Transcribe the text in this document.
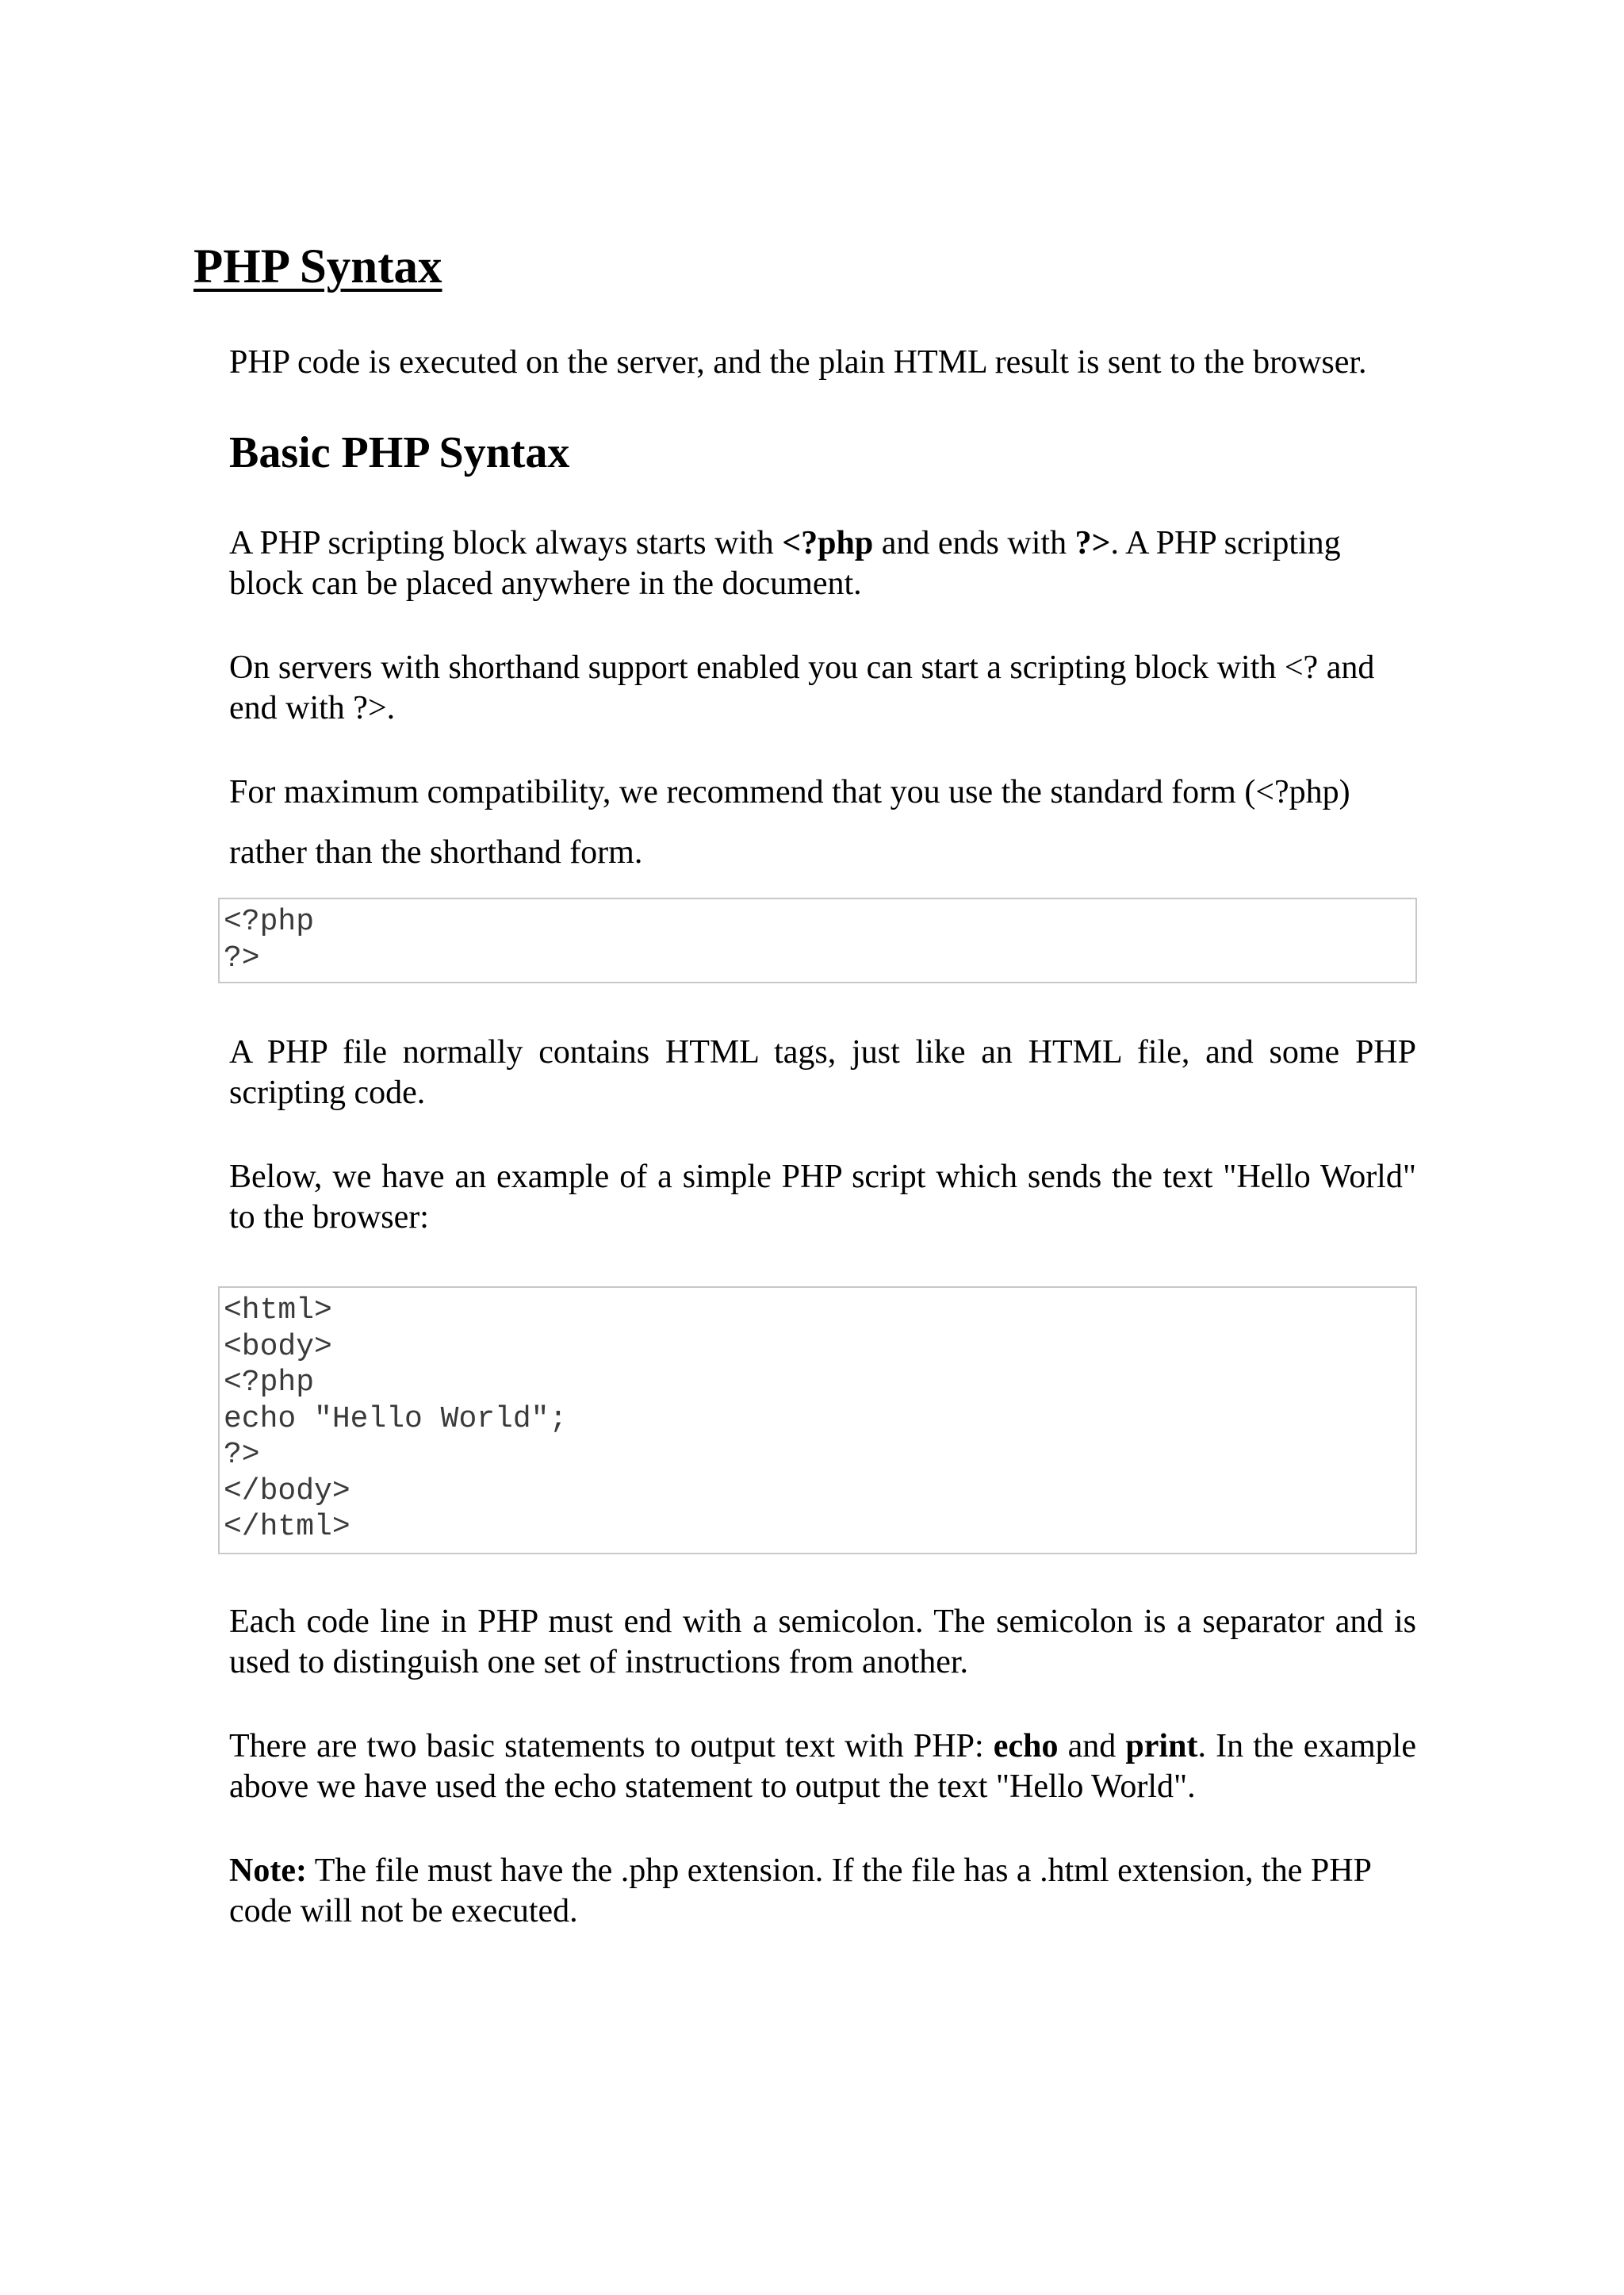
PHP Syntax

PHP code is executed on the server, and the plain HTML result is sent to the browser.

Basic PHP Syntax

A PHP scripting block always starts with <?php and ends with ?>. A PHP scripting block can be placed anywhere in the document.

On servers with shorthand support enabled you can start a scripting block with <? and end with ?>.

For maximum compatibility, we recommend that you use the standard form (<?php)

rather than the shorthand form.

<?php
?>

A PHP file normally contains HTML tags, just like an HTML file, and some PHP scripting code.

Below, we have an example of a simple PHP script which sends the text "Hello World" to the browser:

<html>
<body>
<?php
echo "Hello World";
?>
</body>
</html>

Each code line in PHP must end with a semicolon. The semicolon is a separator and is used to distinguish one set of instructions from another.

There are two basic statements to output text with PHP: echo and print. In the example above we have used the echo statement to output the text "Hello World".

Note: The file must have the .php extension. If the file has a .html extension, the PHP code will not be executed.
